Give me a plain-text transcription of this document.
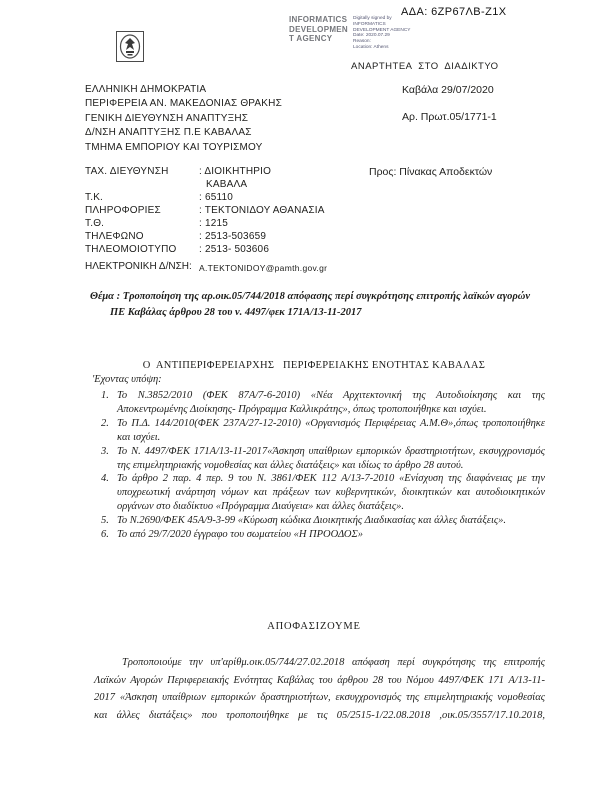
ΑΔΑ: 6ΖΡ67ΛΒ-Ζ1Χ
INFORMATICS
DEVELOPMEN
T AGENCY
Digitally signed by
INFORMATICS
DEVELOPMENT AGENCY
Date: 2020.07.29
Reason:
Location: Athens
ΑΝΑΡΤΗΤΕΑ  ΣΤΟ  ΔΙΑΔΙΚΤΥΟ
ΕΛΛΗΝΙΚΗ ΔΗΜΟΚΡΑΤΙΑ
ΠΕΡΙΦΕΡΕΙΑ ΑΝ. ΜΑΚΕΔΟΝΙΑΣ ΘΡΑΚΗΣ
ΓΕΝΙΚΗ ΔΙΕΥΘΥΝΣΗ ΑΝΑΠΤΥΞΗΣ
Δ/ΝΣΗ ΑΝΑΠΤΥΞΗΣ Π.Ε ΚΑΒΑΛΑΣ
ΤΜΗΜΑ ΕΜΠΟΡΙΟΥ ΚΑΙ ΤΟΥΡΙΣΜΟΥ
Καβάλα 29/07/2020
Αρ. Πρωτ.05/1771-1
ΤΑΧ. ΔΙΕΥΘΥΝΣΗ	: ΔΙΟΙΚΗΤΗΡΙΟ
ΚΑΒΑΛΑ
Τ.Κ.	: 65110
ΠΛΗΡΟΦΟΡΙΕΣ	: ΤΕΚΤΟΝΙΔΟΥ ΑΘΑΝΑΣΙΑ
Τ.Θ.	: 1215
ΤΗΛΕΦΩΝΟ	: 2513-503659
ΤΗΛΕΟΜΟΙΟΤΥΠΟ	: 2513- 503606
Προς: Πίνακας Αποδεκτών
ΗΛΕΚΤΡΟΝΙΚΗ Δ/ΝΣΗ: A.TEKTONIDOY@pamth.gov.gr
Θέμα : Τροποποίηση της αρ.οικ.05/744/2018 απόφασης περί συγκρότησης επιτροπής λαϊκών αγορών ΠΕ Καβάλας άρθρου 28 του ν. 4497/φεκ 171Α/13-11-2017
Ο  ΑΝΤΙΠΕΡΙΦΕΡΕΙΑΡΧΗΣ   ΠΕΡΙΦΕΡΕΙΑΚΗΣ ΕΝΟΤΗΤΑΣ ΚΑΒΑΛΑΣ
'Εχοντας υπόψη:
1. Το Ν.3852/2010 (ΦΕΚ 87Α/7-6-2010) «Νέα Αρχιτεκτονική της Αυτοδιοίκησης και της Αποκεντρωμένης Διοίκησης- Πρόγραμμα Καλλικράτης», όπως τροποποιήθηκε και ισχύει.
2. Το Π.Δ. 144/2010(ΦΕΚ 237Α/27-12-2010) «Οργανισμός Περιφέρειας Α.Μ.Θ»,όπως τροποποιήθηκε και ισχύει.
3. Το Ν. 4497/ΦΕΚ 171Α/13-11-2017«Άσκηση υπαίθριων εμπορικών δραστηριοτήτων, εκσυγχρονισμός της επιμελητηριακής νομοθεσίας και άλλες διατάξεις» και ιδίως το άρθρο 28 αυτού.
4. Το άρθρο 2 παρ. 4 περ. 9 του Ν. 3861/ΦΕΚ 112 Α/13-7-2010 «Ενίσχυση της διαφάνειας με την υποχρεωτική ανάρτηση νόμων και πράξεων των κυβερνητικών, διοικητικών και αυτοδιοικητικών οργάνων στο διαδίκτυο «Πρόγραμμα Διαύγεια» και άλλες διατάξεις».
5. Το Ν.2690/ΦΕΚ 45Α/9-3-99 «Κύρωση κώδικα Διοικητικής Διαδικασίας και άλλες διατάξεις».
6. Το από 29/7/2020 έγγραφο του σωματείου «Η ΠΡΟΟΔΟΣ»
ΑΠΟΦΑΣΙΖΟΥΜΕ
Τροποποιούμε την υπ'αρίθμ.οικ.05/744/27.02.2018 απόφαση περί συγκρότησης της επιτροπής Λαϊκών Αγορών Περιφερειακής Ενότητας Καβάλας του άρθρου 28 του Νόμου 4497/ΦΕΚ 171 Α/13-11-2017 «Άσκηση υπαίθριων εμπορικών δραστηριοτήτων, εκσυγχρονισμός της επιμελητηριακής νομοθεσίας και άλλες διατάξεις» που τροποποιήθηκε με τις 05/2515-1/22.08.2018 ,οικ.05/3557/17.10.2018,
